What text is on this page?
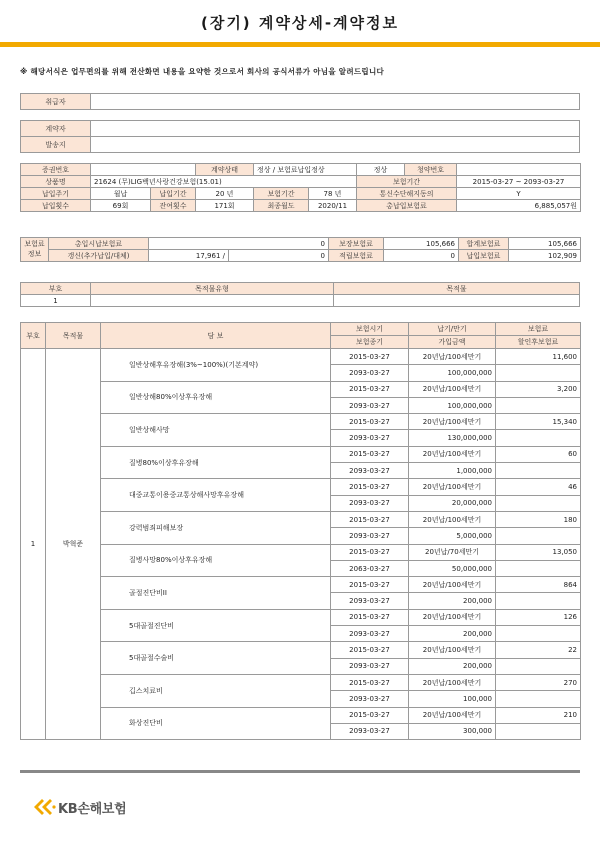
(장기) 계약상세-계약정보
※ 해당서식은 업무편의를 위해 전산화면 내용을 요약한 것으로서 회사의 공식서류가 아님을 알려드립니다
취급자	
계약자	
발송지	
증권번호			계약상태	정상 / 보험료납입정상		정상	청약번호	
상품명	21624 (무)LIG백년사랑건강보험(15.01)					보험기간		2015-03-27 ~ 2093-03-27
납입주기	월납	납입기간	20 년	보험기간	78 년	통신수단해지동의		Y
납입횟수	69회	잔여횟수	171회	최종월도	2020/11	총납입보험료		6,885,057원
보험료
정보	총입시납보험료	0		보장보험료	105,666	합계보험료	105,666
	갱신(추가납입/대체)	17,961 /	0	적립보험료	0	납입보험료	102,909
부호	목적물유형	목적물
1		
부호	목적물	담 보	보험시기	납기/만기	보험료
			보험종기	가입금액	할인후보험료
1	박혁준	일반상해후유장해(3%~100%)(기본계약)	2015-03-27	20년납/100세만기	11,600
			2093-03-27	100,000,000	
		일반상해80%이상후유장해	2015-03-27	20년납/100세만기	3,200
			2093-03-27	100,000,000	
		일반상해사망	2015-03-27	20년납/100세만기	15,340
			2093-03-27	130,000,000	
		질병80%이상후유장해	2015-03-27	20년납/100세만기	60
			2093-03-27	1,000,000	
		대중교통이용중교통상해사망후유장해	2015-03-27	20년납/100세만기	46
			2093-03-27	20,000,000	
		강력범죄피해보장	2015-03-27	20년납/100세만기	180
			2093-03-27	5,000,000	
		질병사망80%이상후유장해	2015-03-27	20년납/70세만기	13,050
			2063-03-27	50,000,000	
		골절진단비II	2015-03-27	20년납/100세만기	864
			2093-03-27	200,000	
		5대골절진단비	2015-03-27	20년납/100세만기	126
			2093-03-27	200,000	
		5대골절수술비	2015-03-27	20년납/100세만기	22
			2093-03-27	200,000	
		깁스치료비	2015-03-27	20년납/100세만기	270
			2093-03-27	100,000	
		화상진단비	2015-03-27	20년납/100세만기	210
			2093-03-27	300,000	
KB손해보험
